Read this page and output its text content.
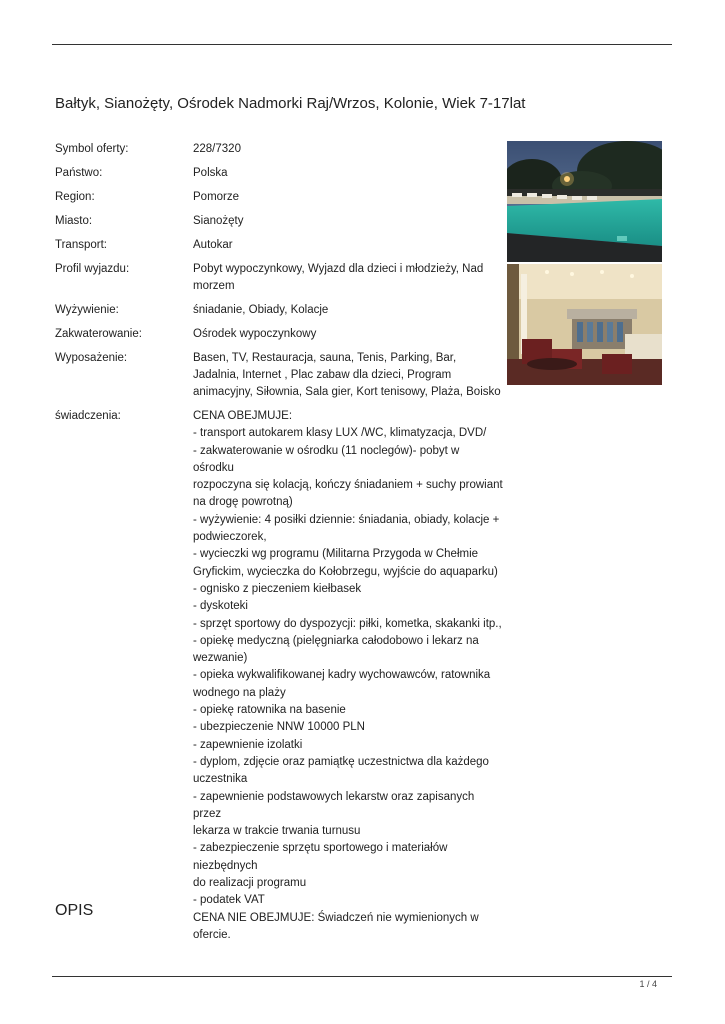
Bałtyk, Sianożęty, Ośrodek Nadmorki Raj/Wrzos, Kolonie, Wiek 7-17lat
Symbol oferty:	228/7320
Państwo:	Polska
Region:	Pomorze
Miasto:	Sianożęty
Transport:	Autokar
Profil wyjazdu:	Pobyt wypoczynkowy, Wyjazd dla dzieci i młodzieży, Nad morzem
Wyżywienie:	śniadanie, Obiady, Kolacje
Zakwaterowanie:	Ośrodek wypoczynkowy
Wyposażenie:	Basen, TV, Restauracja, sauna, Tenis, Parking, Bar, Jadalnia, Internet , Plac zabaw dla dzieci, Program animacyjny, Siłownia, Sala gier, Kort tenisowy, Plaża, Boisko
świadczenia:	CENA OBEJMUJE:
- transport autokarem klasy LUX /WC, klimatyzacja, DVD/
- zakwaterowanie w ośrodku (11 noclegów)- pobyt w ośrodku
rozpoczyna się kolacją, kończy śniadaniem + suchy prowiant
na drogę powrotną)
- wyżywienie: 4 posiłki dziennie: śniadania, obiady, kolacje +
podwieczorek,
- wycieczki wg programu (Militarna Przygoda w Chełmie
Gryfickim, wycieczka do Kołobrzegu, wyjście do aquaparku)
- ognisko z pieczeniem kiełbasek
- dyskoteki
- sprzęt sportowy do dyspozycji: piłki, kometka, skakanki itp.,
- opiekę medyczną (pielęgniarka całodobowo i lekarz na
wezwanie)
- opieka wykwalifikowanej kadry wychowawców, ratownika
wodnego na plaży
- opiekę ratownika na basenie
- ubezpieczenie NNW 10000 PLN
- zapewnienie izolatki
- dyplom, zdjęcie oraz pamiątkę uczestnictwa dla każdego
uczestnika
- zapewnienie podstawowych lekarstw oraz zapisanych przez
lekarza w trakcie trwania turnusu
- zabezpieczenie sprzętu sportowego i materiałów niezbędnych
do realizacji programu
- podatek VAT
CENA NIE OBEJMUJE: Świadczeń nie wymienionych w
ofercie.
OPIS
1 / 4
